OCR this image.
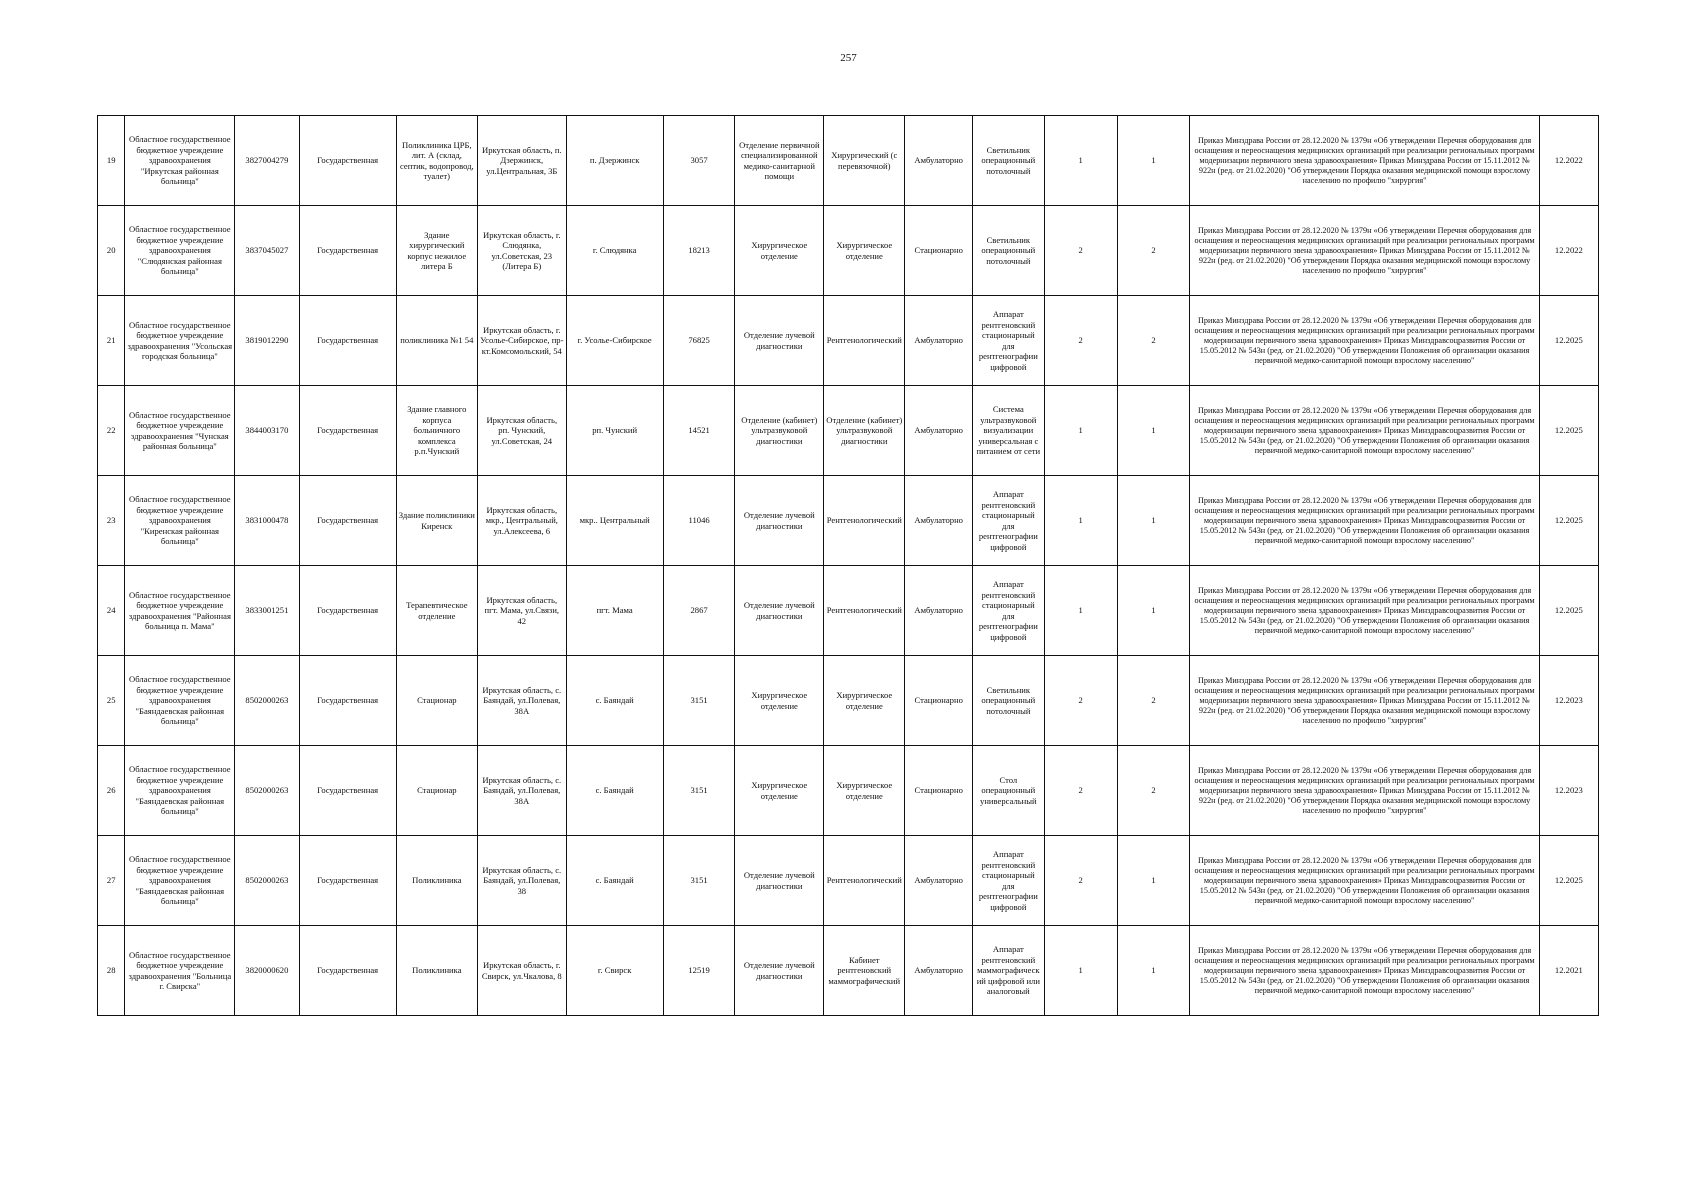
257
19	Областное государственное бюджетное учреждение здравоохранения "Иркутская районная больница"	3827004279	Государственная	Поликлиника ЦРБ, лит. А (склад, септик, водопровод, туалет)	Иркутская область, п. Дзержинск, ул.Центральная, 3Б	п. Дзержинск	3057	Отделение первичной специализированной медико-санитарной помощи	Хирургический (с перевязочной)	Амбулаторно	Светильник операционный потолочный	1	1	Приказ Минздрава России от 28.12.2020 № 1379н «Об утверждении Перечня оборудования для оснащения и переоснащения медицинских организаций при реализации региональных программ модернизации первичного звена здравоохранения» Приказ Минздрава России от 15.11.2012 № 922н (ред. от 21.02.2020) "Об утверждении Порядка оказания медицинской помощи взрослому населению по профилю "хирургия"	12.2022
20	Областное государственное бюджетное учреждение здравоохранения "Слюдянская районная больница"	3837045027	Государственная	Здание хирургический корпус нежилое литера Б	Иркутская область, г. Слюдянка, ул.Советская, 23 (Литера Б)	г. Слюдянка	18213	Хирургическое отделение	Хирургическое отделение	Стационарно	Светильник операционный потолочный	2	2	Приказ Минздрава России от 28.12.2020 № 1379н «Об утверждении Перечня оборудования для оснащения и переоснащения медицинских организаций при реализации региональных программ модернизации первичного звена здравоохранения» Приказ Минздрава России от 15.11.2012 № 922н (ред. от 21.02.2020) "Об утверждении Порядка оказания медицинской помощи взрослому населению по профилю "хирургия"	12.2022
21	Областное государственное бюджетное учреждение здравоохранения "Усольская городская больница"	3819012290	Государственная	поликлиника №1 54	Иркутская область, г. Усолье-Сибирское, пр-кт.Комсомольский, 54	г. Усолье-Сибирское	76825	Отделение лучевой диагностики	Рентгенологический	Амбулаторно	Аппарат рентгеновский стационарный для рентгенографии цифровой	2	2	Приказ Минздрава России от 28.12.2020 № 1379н «Об утверждении Перечня оборудования для оснащения и переоснащения медицинских организаций при реализации региональных программ модернизации первичного звена здравоохранения» Приказ Минздравсоцразвития России от 15.05.2012 № 543н (ред. от 21.02.2020) "Об утверждении Положения об организации оказания первичной медико-санитарной помощи взрослому населению"	12.2025
22	Областное государственное бюджетное учреждение здравоохранения "Чунская районная больница"	3844003170	Государственная	Здание главного корпуса больничного комплекса р.п.Чунский	Иркутская область, рп. Чунский, ул.Советская, 24	рп. Чунский	14521	Отделение (кабинет) ультразвуковой диагностики	Отделение (кабинет) ультразвуковой диагностики	Амбулаторно	Система ультразвуковой визуализации универсальная с питанием от сети	1	1	Приказ Минздрава России от 28.12.2020 № 1379н «Об утверждении Перечня оборудования для оснащения и переоснащения медицинских организаций при реализации региональных программ модернизации первичного звена здравоохранения» Приказ Минздравсоцразвития России от 15.05.2012 № 543н (ред. от 21.02.2020) "Об утверждении Положения об организации оказания первичной медико-санитарной помощи взрослому населению"	12.2025
23	Областное государственное бюджетное учреждение здравоохранения "Киренская районная больница"	3831000478	Государственная	Здание поликлиники Киренск	Иркутская область, мкр., Центральный, ул.Алексеева, 6	мкр.. Центральный	11046	Отделение лучевой диагностики	Рентгенологический	Амбулаторно	Аппарат рентгеновский стационарный для рентгенографии цифровой	1	1	Приказ Минздрава России от 28.12.2020 № 1379н «Об утверждении Перечня оборудования для оснащения и переоснащения медицинских организаций при реализации региональных программ модернизации первичного звена здравоохранения» Приказ Минздравсоцразвития России от 15.05.2012 № 543н (ред. от 21.02.2020) "Об утверждении Положения об организации оказания первичной медико-санитарной помощи взрослому населению"	12.2025
24	Областное государственное бюджетное учреждение здравоохранения "Районная больница п. Мама"	3833001251	Государственная	Терапевтическое отделение	Иркутская область, пгт. Мама, ул.Связи, 42	пгт. Мама	2867	Отделение лучевой диагностики	Рентгенологический	Амбулаторно	Аппарат рентгеновский стационарный для рентгенографии цифровой	1	1	Приказ Минздрава России от 28.12.2020 № 1379н «Об утверждении Перечня оборудования для оснащения и переоснащения медицинских организаций при реализации региональных программ модернизации первичного звена здравоохранения» Приказ Минздравсоцразвития России от 15.05.2012 № 543н (ред. от 21.02.2020) "Об утверждении Положения об организации оказания первичной медико-санитарной помощи взрослому населению"	12.2025
25	Областное государственное бюджетное учреждение здравоохранения "Баяндаевская районная больница"	8502000263	Государственная	Стационар	Иркутская область, с. Баяндай, ул.Полевая, 38А	с. Баяндай	3151	Хирургическое отделение	Хирургическое отделение	Стационарно	Светильник операционный потолочный	2	2	Приказ Минздрава России от 28.12.2020 № 1379н «Об утверждении Перечня оборудования для оснащения и переоснащения медицинских организаций при реализации региональных программ модернизации первичного звена здравоохранения» Приказ Минздрава России от 15.11.2012 № 922н (ред. от 21.02.2020) "Об утверждении Порядка оказания медицинской помощи взрослому населению по профилю "хирургия"	12.2023
26	Областное государственное бюджетное учреждение здравоохранения "Баяндаевская районная больница"	8502000263	Государственная	Стационар	Иркутская область, с. Баяндай, ул.Полевая, 38А	с. Баяндай	3151	Хирургическое отделение	Хирургическое отделение	Стационарно	Стол операционный универсальный	2	2	Приказ Минздрава России от 28.12.2020 № 1379н «Об утверждении Перечня оборудования для оснащения и переоснащения медицинских организаций при реализации региональных программ модернизации первичного звена здравоохранения» Приказ Минздрава России от 15.11.2012 № 922н (ред. от 21.02.2020) "Об утверждении Порядка оказания медицинской помощи взрослому населению по профилю "хирургия"	12.2023
27	Областное государственное бюджетное учреждение здравоохранения "Баяндаевская районная больница"	8502000263	Государственная	Поликлиника	Иркутская область, с. Баяндай, ул.Полевая, 38	с. Баяндай	3151	Отделение лучевой диагностики	Рентгенологический	Амбулаторно	Аппарат рентгеновский стационарный для рентгенографии цифровой	2	1	Приказ Минздрава России от 28.12.2020 № 1379н «Об утверждении Перечня оборудования для оснащения и переоснащения медицинских организаций при реализации региональных программ модернизации первичного звена здравоохранения» Приказ Минздравсоцразвития России от 15.05.2012 № 543н (ред. от 21.02.2020) "Об утверждении Положения об организации оказания первичной медико-санитарной помощи взрослому населению"	12.2025
28	Областное государственное бюджетное учреждение здравоохранения "Больница г. Свирска"	3820000620	Государственная	Поликлиника	Иркутская область, г. Свирск, ул.Чкалова, 8	г. Свирск	12519	Отделение лучевой диагностики	Кабинет рентгеновский маммографический	Амбулаторно	Аппарат рентгеновский маммографический цифровой или аналоговый	1	1	Приказ Минздрава России от 28.12.2020 № 1379н «Об утверждении Перечня оборудования для оснащения и переоснащения медицинских организаций при реализации региональных программ модернизации первичного звена здравоохранения» Приказ Минздравсоцразвития России от 15.05.2012 № 543н (ред. от 21.02.2020) "Об утверждении Положения об организации оказания первичной медико-санитарной помощи взрослому населению"	12.2021
